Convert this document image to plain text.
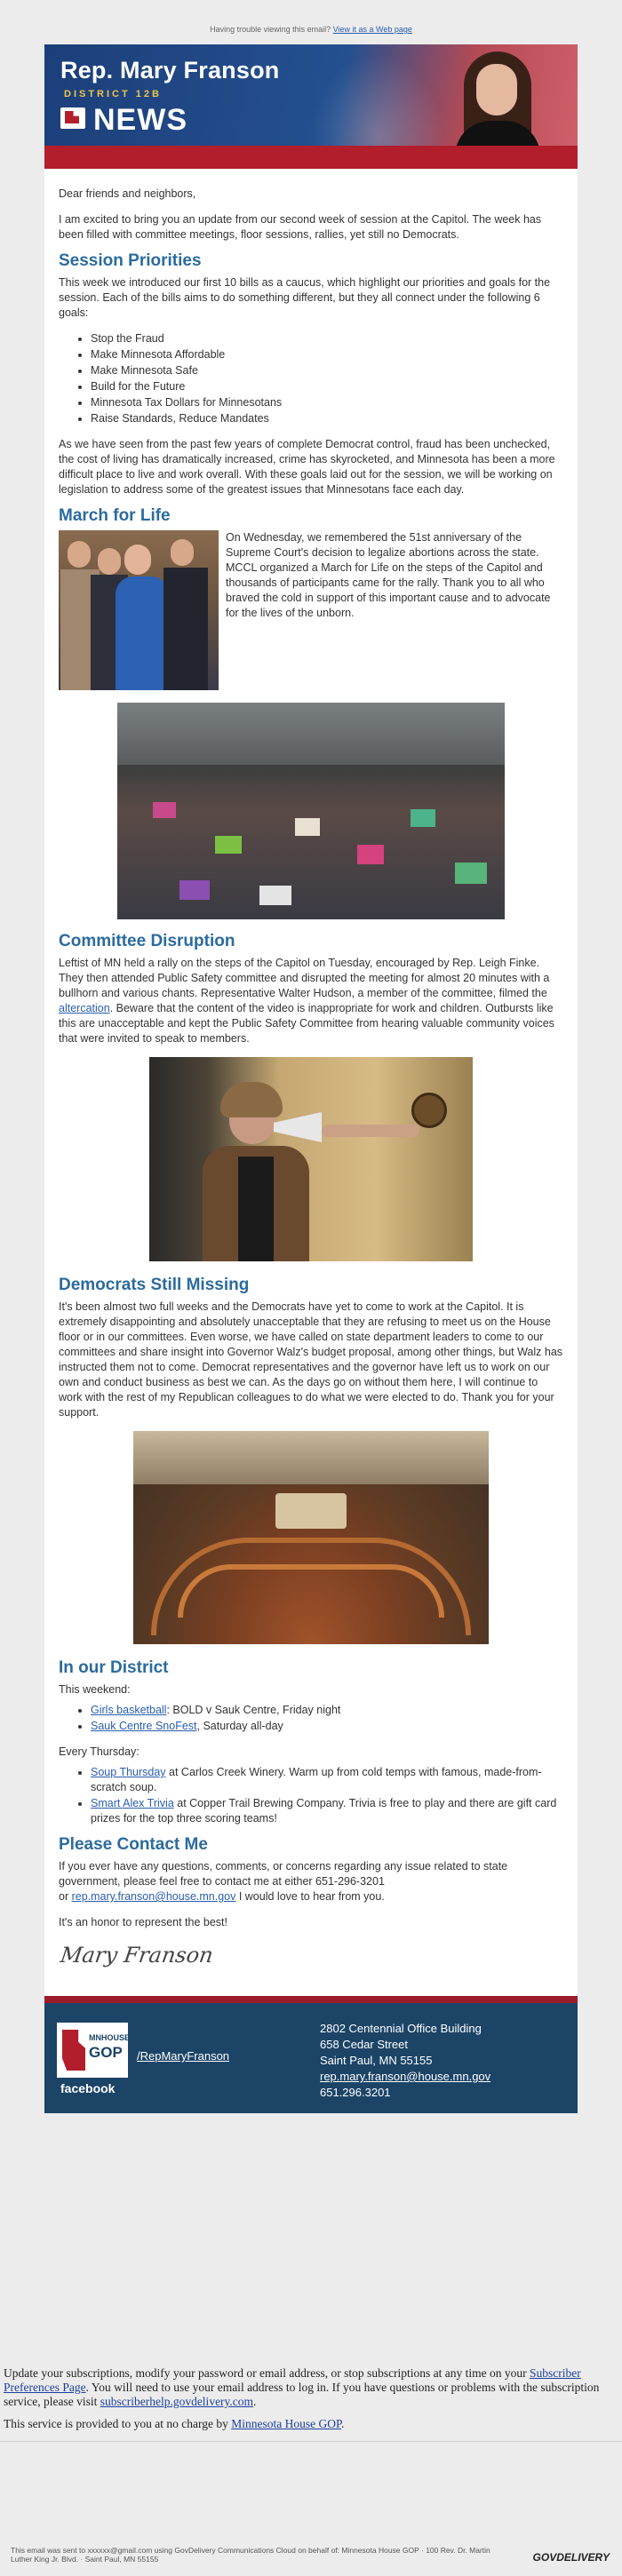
Having trouble viewing this email? View it as a Web page
Rep. Mary Franson
DISTRICT 12B
NEWS

Dear friends and neighbors,

I am excited to bring you an update from our second week of session at the Capitol. The week has been filled with committee meetings, floor sessions, rallies, yet still no Democrats.

Session Priorities

This week we introduced our first 10 bills as a caucus, which highlight our priorities and goals for the session. Each of the bills aims to do something different, but they all connect under the following 6 goals:

• Stop the Fraud
• Make Minnesota Affordable
• Make Minnesota Safe
• Build for the Future
• Minnesota Tax Dollars for Minnesotans
• Raise Standards, Reduce Mandates

As we have seen from the past few years of complete Democrat control, fraud has been unchecked, the cost of living has dramatically increased, crime has skyrocketed, and Minnesota has been a more difficult place to live and work overall. With these goals laid out for the session, we will be working on legislation to address some of the greatest issues that Minnesotans face each day.

March for Life

On Wednesday, we remembered the 51st anniversary of the Supreme Court's decision to legalize abortions across the state. MCCL organized a March for Life on the steps of the Capitol and thousands of participants came for the rally. Thank you to all who braved the cold in support of this important cause and to advocate for the lives of the unborn.

Committee Disruption

Leftist of MN held a rally on the steps of the Capitol on Tuesday, encouraged by Rep. Leigh Finke. They then attended Public Safety committee and disrupted the meeting for almost 20 minutes with a bullhorn and various chants. Representative Walter Hudson, a member of the committee, filmed the altercation. Beware that the content of the video is inappropriate for work and children. Outbursts like this are unacceptable and kept the Public Safety Committee from hearing valuable community voices that were invited to speak to members.

Democrats Still Missing

It's been almost two full weeks and the Democrats have yet to come to work at the Capitol. It is extremely disappointing and absolutely unacceptable that they are refusing to meet us on the House floor or in our committees. Even worse, we have called on state department leaders to come to our committees and share insight into Governor Walz's budget proposal, among other things, but Walz has instructed them not to come. Democrat representatives and the governor have left us to work on our own and conduct business as best we can. As the days go on without them here, I will continue to work with the rest of my Republican colleagues to do what we were elected to do. Thank you for your support.

In our District

This weekend:

• Girls basketball: BOLD v Sauk Centre, Friday night
• Sauk Centre SnoFest, Saturday all-day

Every Thursday:

• Soup Thursday at Carlos Creek Winery. Warm up from cold temps with famous, made-from-scratch soup.
• Smart Alex Trivia at Copper Trail Brewing Company. Trivia is free to play and there are gift card prizes for the top three scoring teams!
Please Contact Me

If you ever have any questions, comments, or concerns regarding any issue related to state government, please feel free to contact me at either 651-296-3201
or rep.mary.franson@house.mn.gov I would love to hear from you.

It's an honor to represent the best!

Mary Franson
MNHOUSE
GOP
facebook
/RepMaryFranson
2802 Centennial Office Building
658 Cedar Street
Saint Paul, MN 55155
rep.mary.franson@house.mn.gov
651.296.3201
Update your subscriptions, modify your password or email address, or stop subscriptions at any time on your Subscriber Preferences Page. You will need to use your email address to log in. If you have questions or problems with the subscription service, please visit subscriberhelp.govdelivery.com.
This service is provided to you at no charge by Minnesota House GOP.
This email was sent to xxxxxx@gmail.com using GovDelivery Communications Cloud on behalf of: Minnesota House GOP · 100 Rev. Dr. Martin Luther King Jr. Blvd. · Saint Paul, MN 55155	GOVDELIVERY
